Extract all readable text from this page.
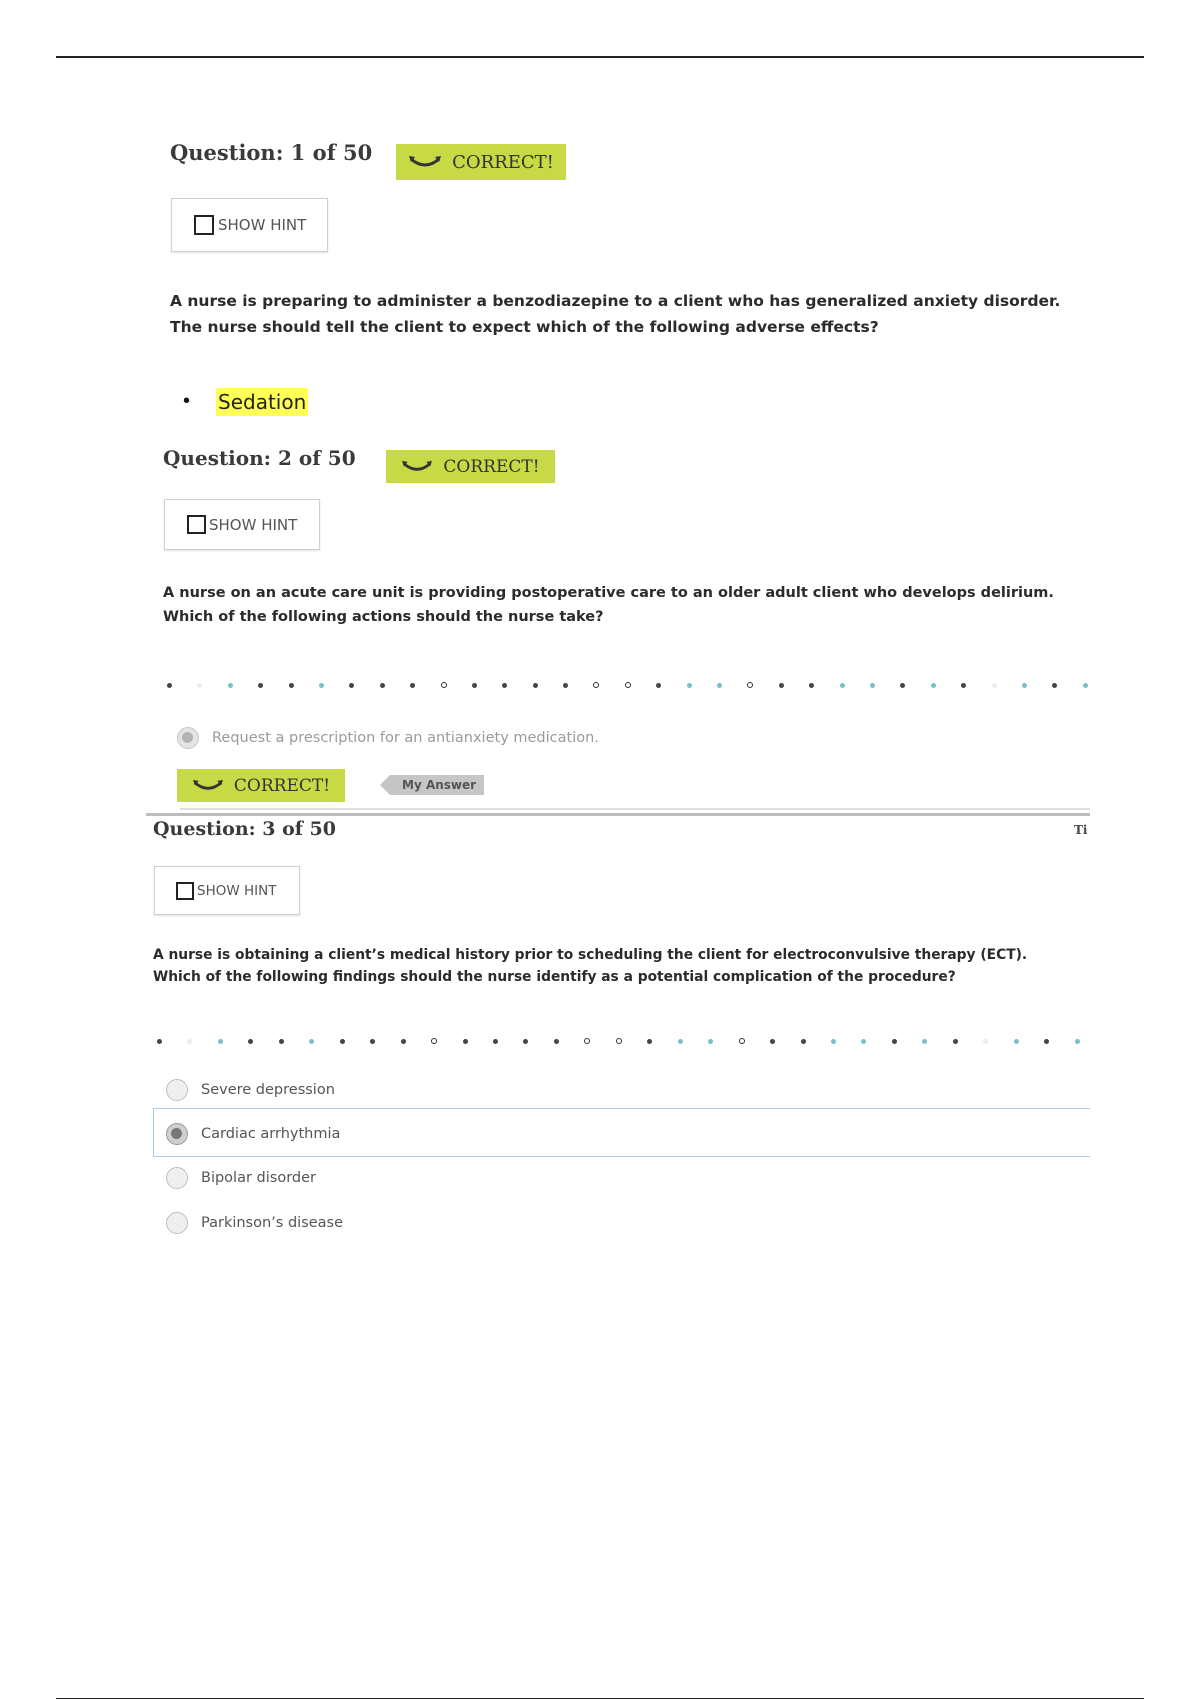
Question: 1 of 50	CORRECT!
SHOW HINT
A nurse is preparing to administer a benzodiazepine to a client who has generalized anxiety disorder. The nurse should tell the client to expect which of the following adverse effects?
• Sedation
Question: 2 of 50	CORRECT!
SHOW HINT
A nurse on an acute care unit is providing postoperative care to an older adult client who develops delirium. Which of the following actions should the nurse take?
Request a prescription for an antianxiety medication.
CORRECT!	My Answer
Question: 3 of 50	Ti
SHOW HINT
A nurse is obtaining a client’s medical history prior to scheduling the client for electroconvulsive therapy (ECT). Which of the following findings should the nurse identify as a potential complication of the procedure?
Severe depression
Cardiac arrhythmia
Bipolar disorder
Parkinson’s disease
